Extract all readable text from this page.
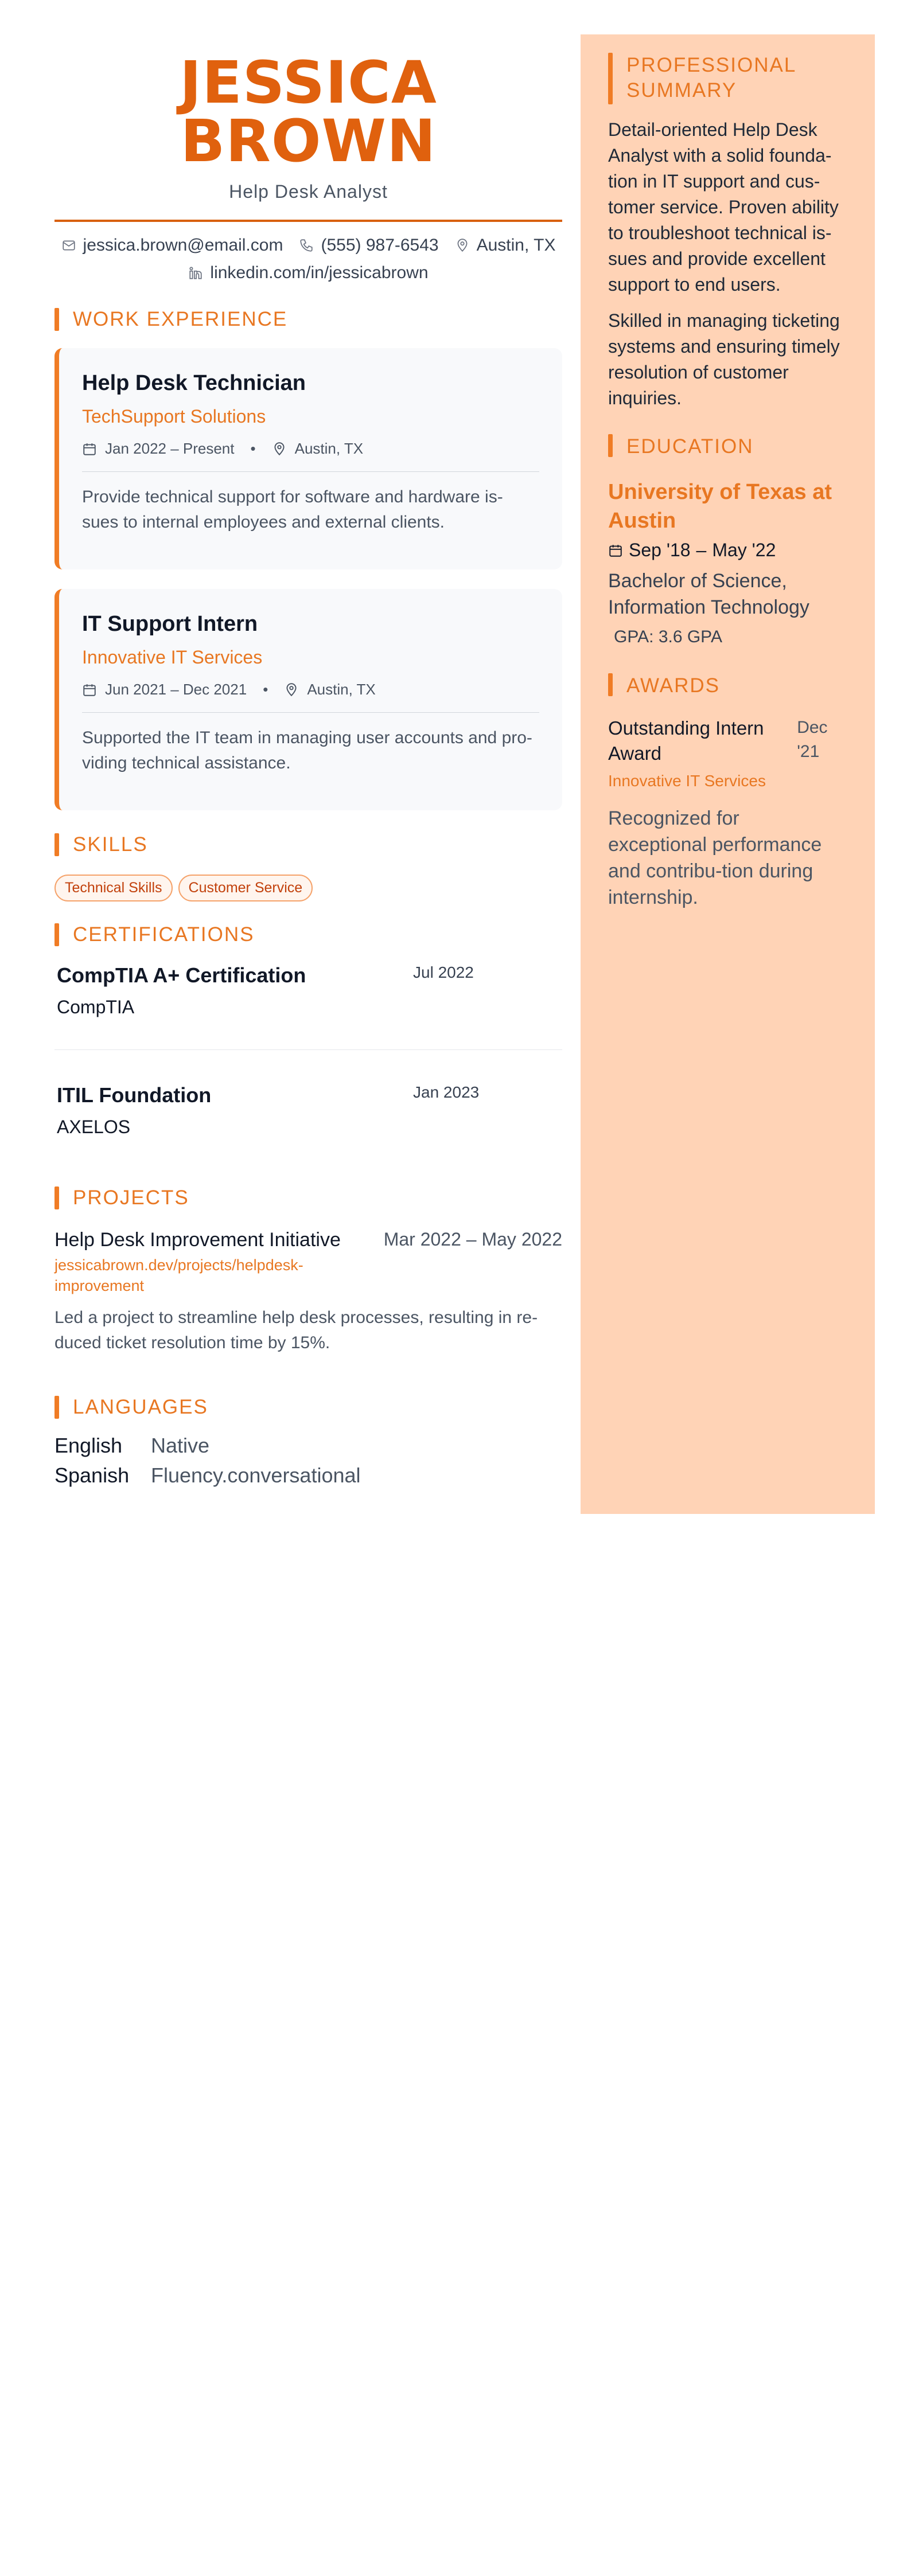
JESSICA BROWN
Help Desk Analyst
jessica.brown@email.com (555) 987-6543 Austin, TX
linkedin.com/in/jessicabrown
WORK EXPERIENCE
Help Desk Technician
TechSupport Solutions
Jan 2022 – Present •	Austin, TX
Provide technical support for software and hardware is-sues to internal employees and external clients.
IT Support Intern
Innovative IT Services
Jun 2021 – Dec 2021 •	Austin, TX
Supported the IT team in managing user accounts and pro-viding technical assistance.
SKILLS
Technical Skills	Customer Service
CERTIFICATIONS
CompTIA A+ Certification
CompTIA
Jul 2022
ITIL Foundation
AXELOS
Jan 2023
PROJECTS
Help Desk Improvement Initiative Mar 2022 – May 2022
jessicabrown.dev/projects/helpdesk-improvement
Led a project to streamline help desk processes, resulting in re-duced ticket resolution time by 15%.
LANGUAGES
English	Native
Spanish	Fluency.conversational
PROFESSIONAL SUMMARY
Detail-oriented Help Desk Analyst with a solid founda-tion in IT support and cus-tomer service. Proven ability to troubleshoot technical is-sues and provide excellent support to end users.
Skilled in managing ticketing systems and ensuring timely resolution of customer inquiries.
EDUCATION
University of Texas at Austin
Sep '18 – May '22
Bachelor of Science, Information Technology
GPA: 3.6 GPA
AWARDS
Outstanding Intern Award
Dec '21
Innovative IT Services
Recognized for exceptional performance and contribu-tion during internship.
